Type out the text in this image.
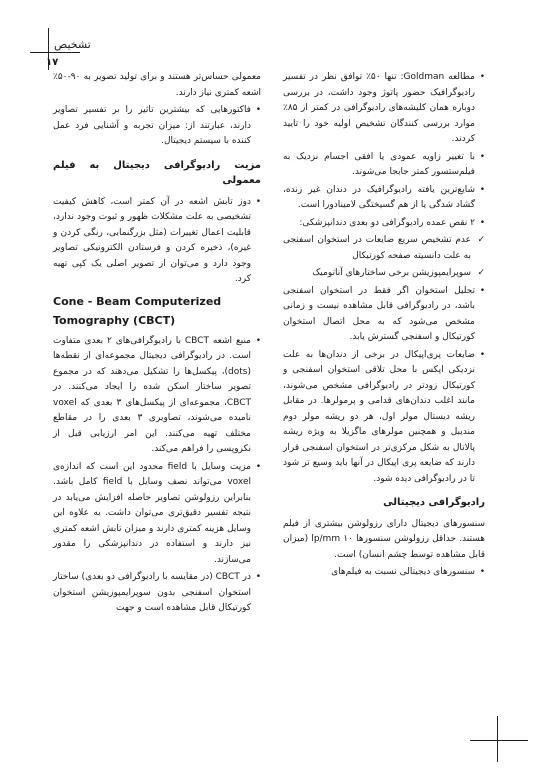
تشخیص
۱۷

• مطالعه Goldman: تنها ۵۰٪ توافق نظر در تفسیر رادیوگرافیک حضور پاتوژ وجود داشت، در بررسی دوباره همان کلیشه‌های رادیوگرافی در کمتر از ۸۵٪ موارد بررسی کنندگان تشخیص اولیه خود را تایید کردند.

• با تغییر زاویه عمودی یا افقی اجسام نزدیک به فیلم‌ستسور کمتر جابجا می‌شوند.

• شایع‌ترین یافته رادیوگرافیک در دندان غیر زنده، گشاد شدگی یا از هم گسیختگی لامینادورا است.

• ۲ نقص عمده رادیوگرافی دو بعدی دندانپزشکی:

✓ عدم تشخیص سریع ضایعات در استخوان اسفنجی به علت دانسیته صفحه کورتیکال

✓ سوپرایمپوزیشن برخی ساختارهای آناتومیک

• تحلیل استخوان اگر فقط در استخوان اسفنجی باشد، در رادیوگرافی قابل مشاهده نیست و زمانی مشخص می‌شود که به محل اتصال استخوان کورتیکال و اسفنجی گسترش یابد.

• ضایعات پری‌اپیکال در برخی از دندان‌ها به علت نزدیکی اپکس با محل تلاقی استخوان اسفنجی و کورتیکال زودتر در رادیوگرافی مشخص می‌شوند، مانند اغلب دندان‌های قدامی و پرمولرها. در مقابل ریشه دیستال مولر اول، هر دو ریشه مولر دوم مندیبل و همچنین مولرهای ماگزیلا به ویژه ریشه پالاتال به شکل مرکزی‌تر در استخوان اسفنجی قرار دارند که ضایعه پری اپیکال در آنها باید وسیع تر شود تا در رادیوگرافی دیده شود.

رادیوگرافی دیجیتالی

سنسورهای دیجیتال دارای رزولوشن بیشتری از فیلم هستند. حداقل رزولوشن سنسورها ۱۰ lp/mm (میزان قابل مشاهده توسط چشم انسان) است.

• سنسورهای دیجیتالی نسبت به فیلم‌های

معمولی حساس‌تر هستند و برای تولید تصویر به ۹۰-۵۰٪ اشعه کمتری نیاز دارند.

• فاکتورهایی که بیشترین تاثیر را بر تفسیر تصاویر دارند، عبارتند از: میزان تجربه و آشنایی فرد عمل کننده با سیستم دیجیتال.

مزیت رادیوگرافی دیجیتال به فیلم معمولی

• دوز تابش اشعه در آن کمتر است، کاهش کیفیت تشخیصی به علت مشکلات ظهور و ثبوت وجود ندارد، قابلیت اعمال تغییرات (مثل بزرگنمایی، رنگی کردن و غیره)، ذخیره کردن و فرستادن الکترونیکی تصاویر وجود دارد و می‌توان از تصویر اصلی یک کپی تهیه کرد.

Cone - Beam Computerized Tomography (CBCT)

• منبع اشعه CBCT با رادیوگرافی‌های ۲ بعدی متفاوت است. در رادیوگرافی دیجیتال مجموعه‌ای از نقطه‌ها (dots)، پیکسل‌ها را تشکیل می‌دهند که در مجموع تصویر ساختار اسکن شده را ایجاد می‌کنند. در CBCT، مجموعه‌ای از پیکسل‌های ۳ بعدی که voxel نامیده می‌شوند، تصاویری ۳ بعدی را در مقاطع مختلف تهیه می‌کنند. این امر ارزیابی قبل از نکروپسی را فراهم می‌کند.

• مزیت وسایل با field محدود این است که اندازه‌ی voxel می‌تواند نصف وسایل با field کامل باشد. بنابراین رزولوشن تصاویر حاصله افزایش می‌یابد در نتیجه تفسیر دقیق‌تری می‌توان داشت. به علاوه این وسایل هزینه کمتری دارند و میزان تابش اشعه کمتری نیز دارند و استفاده در دندانپزشکی را مقدور می‌سازند.

• در CBCT (در مقایسه با رادیوگرافی دو بعدی) ساختار استخوان اسفنجی بدون سوپرایمپوزیشن استخوان کورتیکال قابل مشاهده است و جهت
